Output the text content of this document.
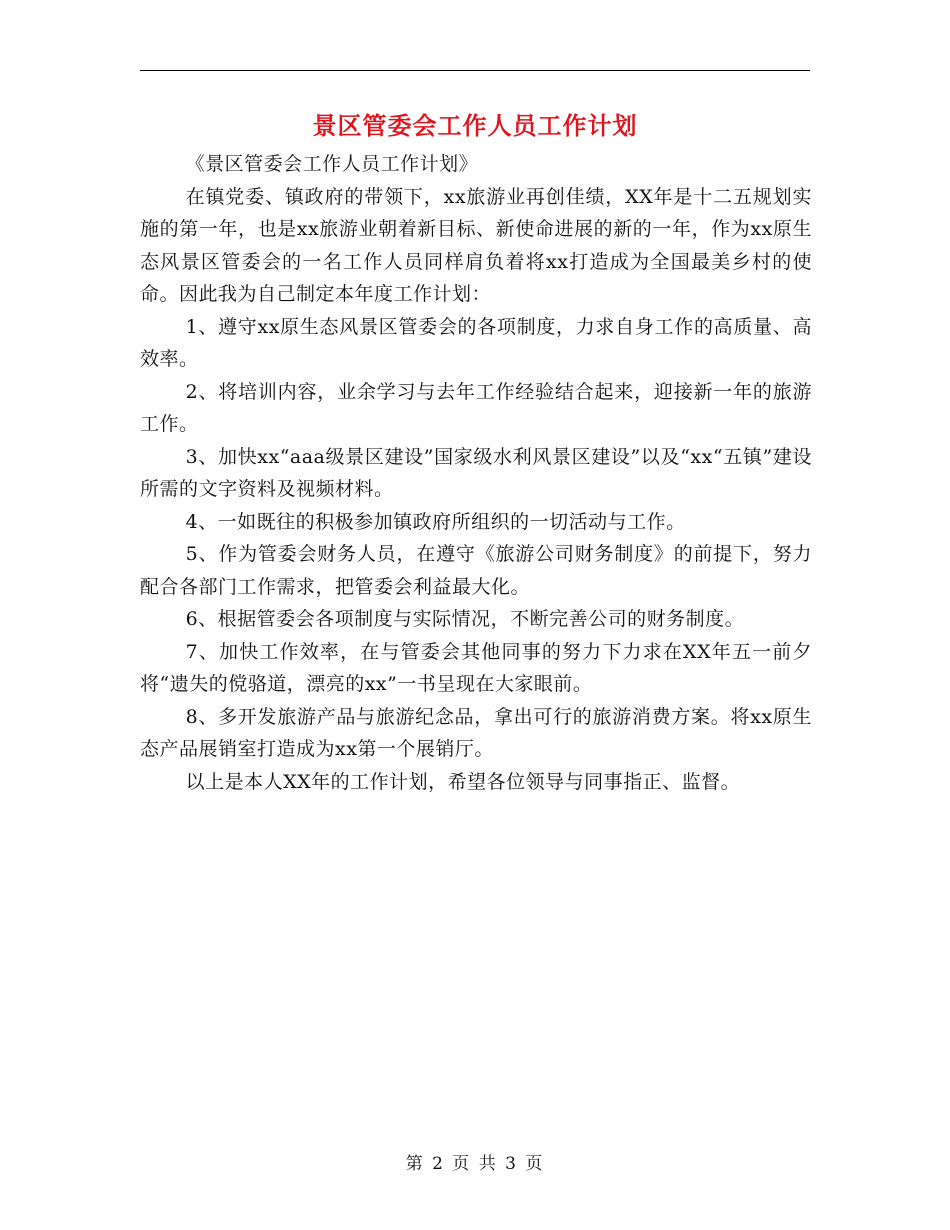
景区管委会工作人员工作计划

《景区管委会工作人员工作计划》

在镇党委、镇政府的带领下，xx旅游业再创佳绩，XX年是十二五规划实施的第一年，也是xx旅游业朝着新目标、新使命进展的新的一年，作为xx原生态风景区管委会的一名工作人员同样肩负着将xx打造成为全国最美乡村的使命。因此我为自己制定本年度工作计划：

1、遵守xx原生态风景区管委会的各项制度，力求自身工作的高质量、高效率。

2、将培训内容，业余学习与去年工作经验结合起来，迎接新一年的旅游工作。

3、加快xx“aaa级景区建设”国家级水利风景区建设”以及“xx“五镇”建设所需的文字资料及视频材料。

4、一如既往的积极参加镇政府所组织的一切活动与工作。

5、作为管委会财务人员，在遵守《旅游公司财务制度》的前提下，努力配合各部门工作需求，把管委会利益最大化。

6、根据管委会各项制度与实际情况，不断完善公司的财务制度。

7、加快工作效率，在与管委会其他同事的努力下力求在XX年五一前夕将“遗失的傥骆道，漂亮的xx”一书呈现在大家眼前。

8、多开发旅游产品与旅游纪念品，拿出可行的旅游消费方案。将xx原生态产品展销室打造成为xx第一个展销厅。

以上是本人XX年的工作计划，希望各位领导与同事指正、监督。

第 2 页 共 3 页
